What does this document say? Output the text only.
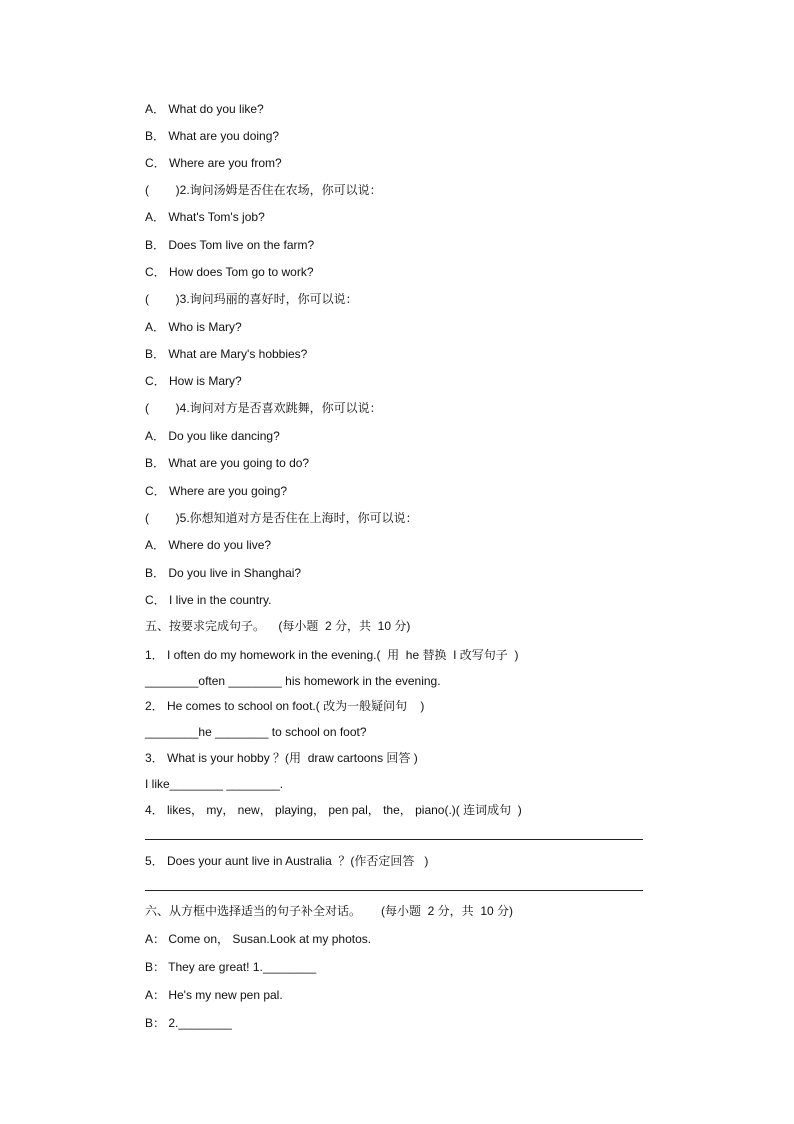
A． What do you like?
B． What are you doing?
C． Where are you from?
(        )2.询问汤姆是否住在农场，你可以说：
A． What's Tom's job?
B． Does Tom live on the farm?
C． How does Tom go to work?
(        )3.询问玛丽的喜好时，你可以说：
A． Who is Mary?
B． What are Mary's hobbies?
C． How is Mary?
(        )4.询问对方是否喜欢跳舞，你可以说：
A． Do you like dancing?
B． What are you going to do?
C． Where are you going?
(        )5.你想知道对方是否住在上海时，你可以说：
A． Where do you live?
B． Do you live in Shanghai?
C． I live in the country.
五、按要求完成句子。    (每小题  2 分，共  10 分)
1． I often do my homework in the evening.(  用  he 替换  I 改写句子  )
________often ________ his homework in the evening.
2． He comes to school on foot.( 改为一般疑问句    )
________he ________ to school on foot?
3． What is your hobby ？(用  draw cartoons 回答 )
I like________ ________.
4． likes， my， new， playing， pen pal， the， piano(.)( 连词成句  )
5． Does your aunt live in Australia  ？(作否定回答   )
六、从方框中选择适当的句子补全对话。      (每小题  2 分，共  10 分)
A： Come on， Susan.Look at my photos.
B： They are great! 1.________
A： He's my new pen pal.
B： 2.________
